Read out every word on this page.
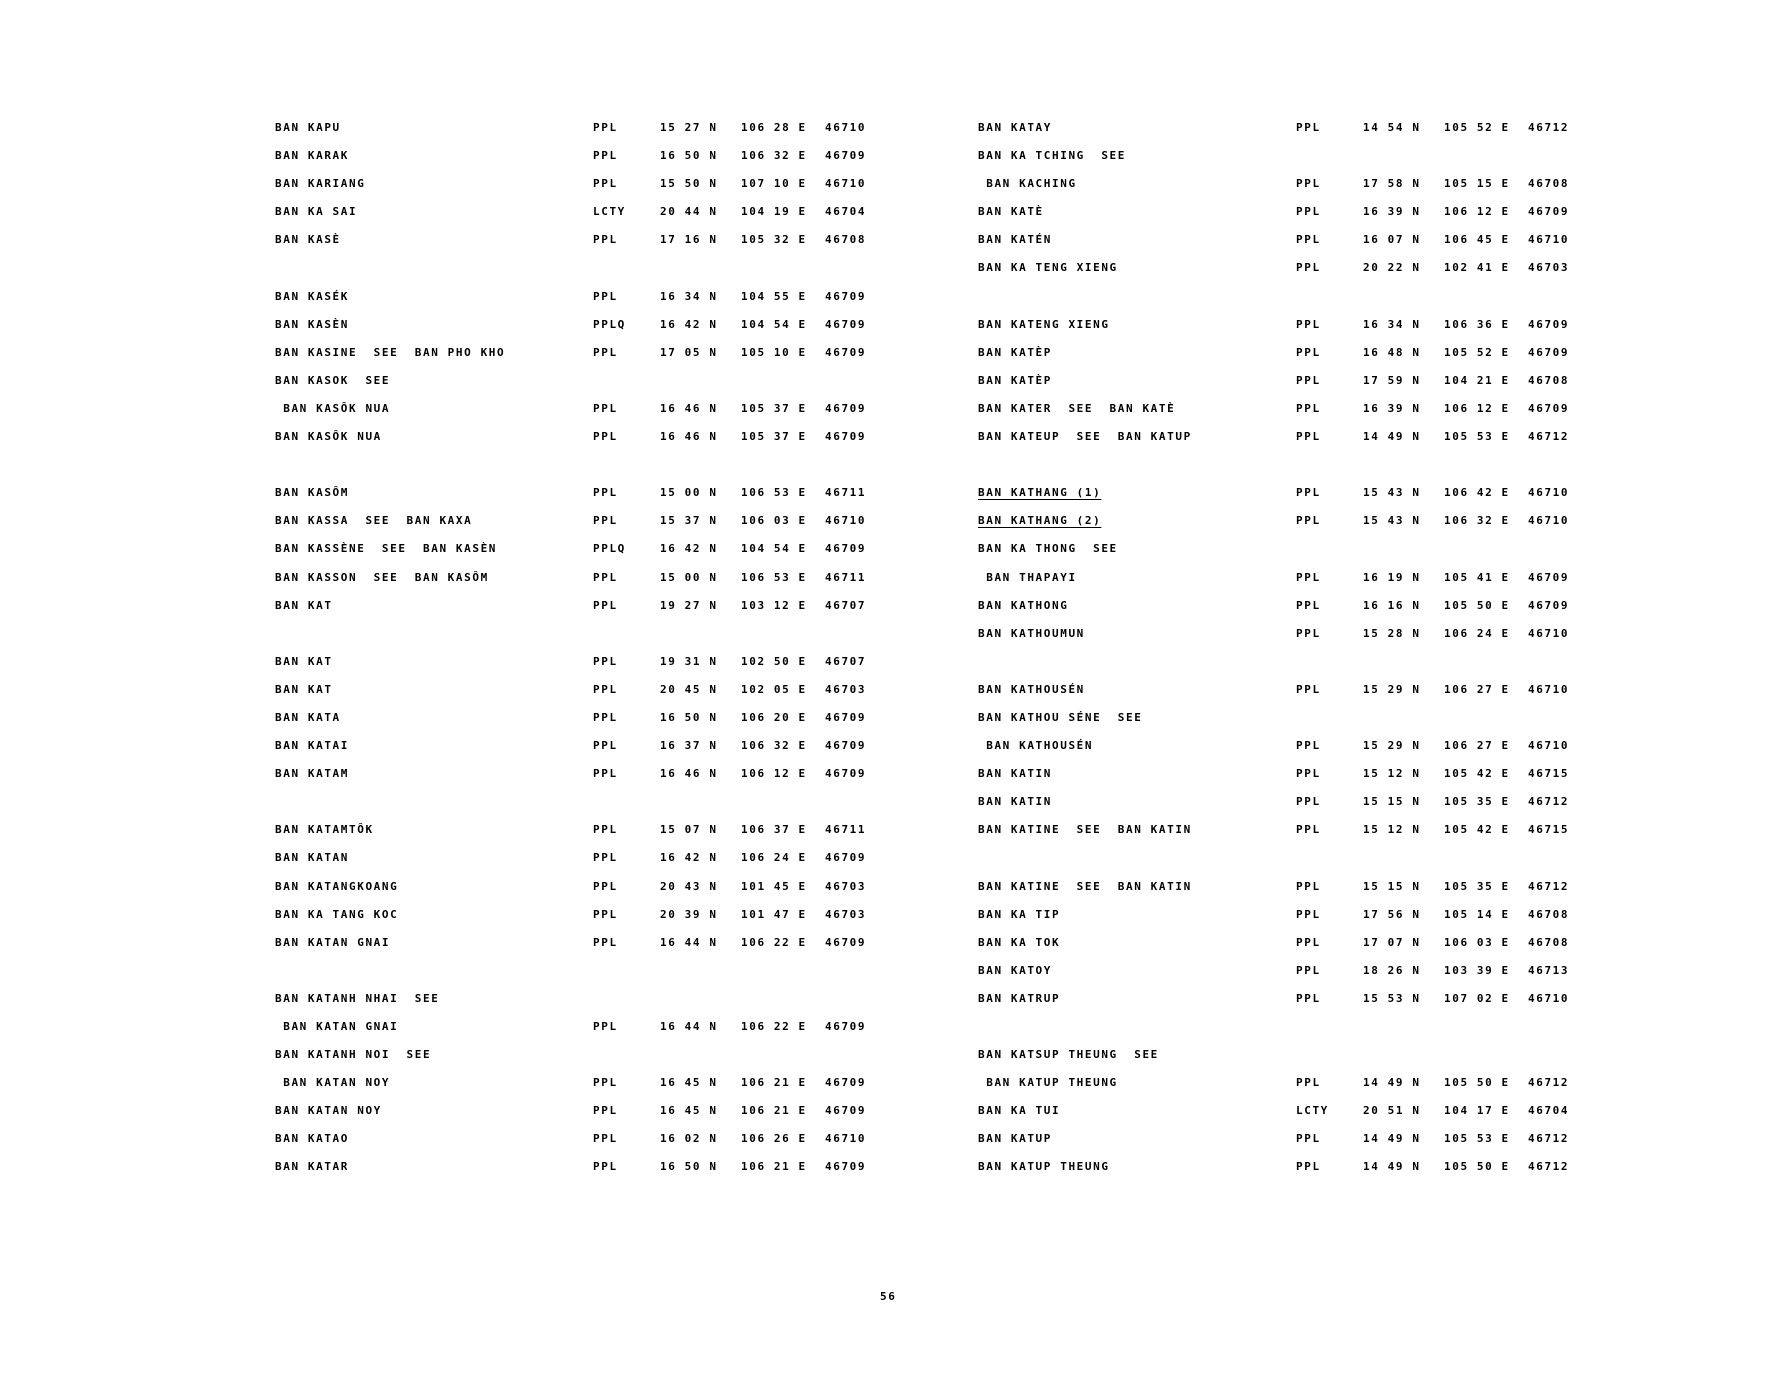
BAN KAPU	PPL	15 27 N 106 28 E 46710
BAN KARAK	PPL	16 50 N 106 32 E 46709
BAN KARIANG	PPL	15 50 N 107 10 E 46710
BAN KA SAI	LCTY	20 44 N 104 19 E 46704
BAN KASÈ	PPL	17 16 N 105 32 E 46708
BAN KASÉK	PPL	16 34 N 104 55 E 46709
BAN KASÈN	PPLQ	16 42 N 104 54 E 46709
BAN KASINE  SEE  BAN PHO KHO	PPL	17 05 N 105 10 E 46709
BAN KASOK  SEE
BAN KASÔK NUA	PPL	16 46 N 105 37 E 46709
BAN KASÔK NUA	PPL	16 46 N 105 37 E 46709
BAN KASÔM	PPL	15 00 N 106 53 E 46711
BAN KASSA  SEE  BAN KAXA	PPL	15 37 N 106 03 E 46710
BAN KASSÈNE  SEE  BAN KASÈN	PPLQ	16 42 N 104 54 E 46709
BAN KASSON  SEE  BAN KASÔM	PPL	15 00 N 106 53 E 46711
BAN KAT	PPL	19 27 N 103 12 E 46707
BAN KAT	PPL	19 31 N 102 50 E 46707
BAN KAT	PPL	20 45 N 102 05 E 46703
BAN KATA	PPL	16 50 N 106 20 E 46709
BAN KATAI	PPL	16 37 N 106 32 E 46709
BAN KATAM	PPL	16 46 N 106 12 E 46709
BAN KATAMTÔK	PPL	15 07 N 106 37 E 46711
BAN KATAN	PPL	16 42 N 106 24 E 46709
BAN KATANGKOANG	PPL	20 43 N 101 45 E 46703
BAN KA TANG KOC	PPL	20 39 N 101 47 E 46703
BAN KATAN GNAI	PPL	16 44 N 106 22 E 46709
BAN KATANH NHAI  SEE
BAN KATAN GNAI	PPL	16 44 N 106 22 E 46709
BAN KATANH NOI  SEE
BAN KATAN NOY	PPL	16 45 N 106 21 E 46709
BAN KATAN NOY	PPL	16 45 N 106 21 E 46709
BAN KATAO	PPL	16 02 N 106 26 E 46710
BAN KATAR	PPL	16 50 N 106 21 E 46709
BAN KATAY	PPL	14 54 N 105 52 E 46712
BAN KA TCHING  SEE
BAN KACHING	PPL	17 58 N 105 15 E 46708
BAN KATÈ	PPL	16 39 N 106 12 E 46709
BAN KATÉN	PPL	16 07 N 106 45 E 46710
BAN KA TENG XIENG	PPL	20 22 N 102 41 E 46703
BAN KATENG XIENG	PPL	16 34 N 106 36 E 46709
BAN KATÈP	PPL	16 48 N 105 52 E 46709
BAN KATÈP	PPL	17 59 N 104 21 E 46708
BAN KATER  SEE  BAN KATÈ	PPL	16 39 N 106 12 E 46709
BAN KATEUP  SEE  BAN KATUP	PPL	14 49 N 105 53 E 46712
BAN KATHANG (1)	PPL	15 43 N 106 42 E 46710
BAN KATHANG (2)	PPL	15 43 N 106 32 E 46710
BAN KA THONG  SEE
BAN THAPAYI	PPL	16 19 N 105 41 E 46709
BAN KATHONG	PPL	16 16 N 105 50 E 46709
BAN KATHOUMUN	PPL	15 28 N 106 24 E 46710
BAN KATHOUSÉN	PPL	15 29 N 106 27 E 46710
BAN KATHOU SÉNE  SEE
BAN KATHOUSÉN	PPL	15 29 N 106 27 E 46710
BAN KATIN	PPL	15 12 N 105 42 E 46715
BAN KATIN	PPL	15 15 N 105 35 E 46712
BAN KATINE  SEE  BAN KATIN	PPL	15 12 N 105 42 E 46715
BAN KATINE  SEE  BAN KATIN	PPL	15 15 N 105 35 E 46712
BAN KA TIP	PPL	17 56 N 105 14 E 46708
BAN KA TOK	PPL	17 07 N 106 03 E 46708
BAN KATOY	PPL	18 26 N 103 39 E 46713
BAN KATRUP	PPL	15 53 N 107 02 E 46710
BAN KATSUP THEUNG  SEE
BAN KATUP THEUNG	PPL	14 49 N 105 50 E 46712
BAN KA TUI	LCTY	20 51 N 104 17 E 46704
BAN KATUP	PPL	14 49 N 105 53 E 46712
BAN KATUP THEUNG	PPL	14 49 N 105 50 E 46712
56
